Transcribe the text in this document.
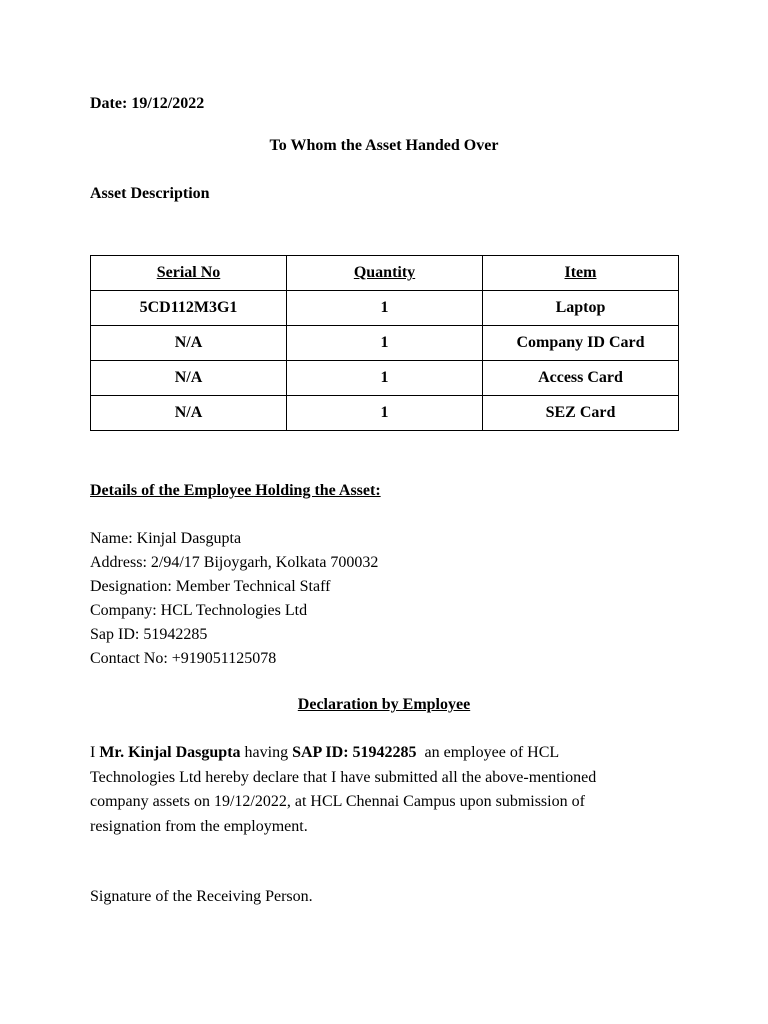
Date: 19/12/2022
To Whom the Asset Handed Over
Asset Description
Serial No	Quantity	Item
5CD112M3G1	1	Laptop
N/A	1	Company ID Card
N/A	1	Access Card
N/A	1	SEZ Card
Details of the Employee Holding the Asset:
Name: Kinjal Dasgupta
Address: 2/94/17 Bijoygarh, Kolkata 700032
Designation: Member Technical Staff
Company: HCL Technologies Ltd
Sap ID: 51942285
Contact No: +919051125078
Declaration by Employee
I Mr. Kinjal Dasgupta having SAP ID: 51942285  an employee of HCL
Technologies Ltd hereby declare that I have submitted all the above-mentioned
company assets on 19/12/2022, at HCL Chennai Campus upon submission of
resignation from the employment.
Signature of the Receiving Person.
